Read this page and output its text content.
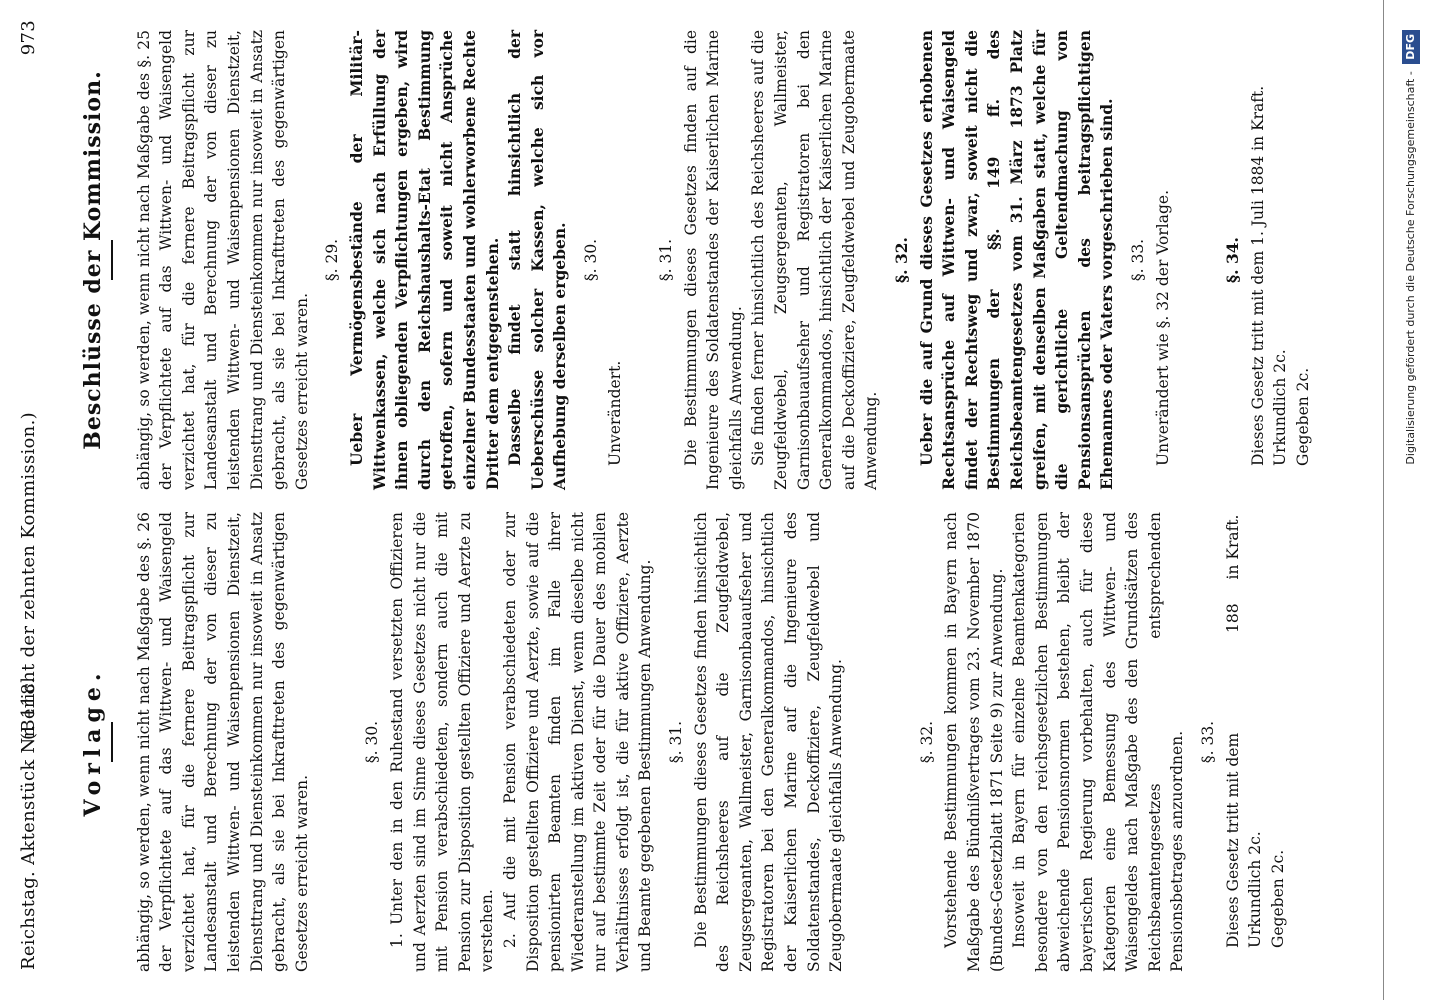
Reichstag. Aktenstück Nr. 118.
(Bericht der zehnten Kommission.)
973
Vorlage. abhängig, so werden, wenn nicht nach Maßgabe des §. 26 der Verpflichtete auf das Wittwen- und Waisengeld verzichtet hat, für die fernere Beitragspflicht zur Landesanstalt und Berechnung der von dieser zu leistenden Wittwen- und Waisenpensionen Dienstzeit, Diensttrang und Diensteinkommen nur insoweit in Ansatz gebracht, als sie bei Inkrafttreten des gegenwärtigen Gesetzes erreicht waren.

§. 30. 1. Unter den in den Ruhestand versetzten Offizieren und Aerzten sind im Sinne dieses Gesetzes nicht nur die mit Pension verabschiedeten, sondern auch die mit Pension zur Disposition gestellten Offiziere und Aerzte zu verstehen. 2. Auf die mit Pension verabschiedeten oder zur Disposition gestellten Offiziere und Aerzte, sowie auf die pensionirten Beamten finden im Falle ihrer Wiederanstellung im aktiven Dienst, wenn dieselbe nicht nur auf bestimmte Zeit oder für die Dauer des mobilen Verhältnisses erfolgt ist, die für aktive Offiziere, Aerzte und Beamte gegebenen Bestimmungen Anwendung. §. 31. Die Bestimmungen dieses Gesetzes finden hinsichtlich des Reichsheeres auf die Zeugfeldwebel, Zeugsergeanten, Wallmeister, Garnisonbauaufseher und Registratoren bei den Generalkommandos, hinsichtlich der Kaiserlichen Marine auf die Ingenieure des Soldatenstandes, Deckoffiziere, Zeugfeldwebel und Zeugobermaate gleichfalls Anwendung.	§. 32. Vorstehende Bestimmungen kommen in Bayern nach Maßgabe des Bündnißvertrages vom 23. November 1870 (Bundes-Gesetzblatt 1871 Seite 9) zur Anwendung. Insoweit in Bayern für einzelne Beamtenkategorien besondere von den reichsgesetzlichen Bestimmungen abweichende Pensionsnormen bestehen, bleibt der bayerischen Regierung vorbehalten, auch für diese Kategorien eine Bemessung des Wittwen- und Waisengeldes nach Maßgabe des den Grundsätzen des Reichsbeamtengesetzes entsprechenden Pensionsbetrages anzuordnen. §. 33. Dieses Gesetz tritt mit dem  188  in Kraft.

Urkundlich 2c. Gegeben 2c.

Beschlüsse der Kommission. abhängig, so werden, wenn nicht nach Maßgabe des §. 25 der Verpflichtete auf das Wittwen- und Waisengeld verzichtet hat, für die fernere Beitragspflicht zur Landesanstalt und Berechnung der von dieser zu leistenden Wittwen- und Waisenpensionen Dienstzeit, Diensttrang und Diensteinkommen nur insoweit in Ansatz gebracht, als sie bei Inkrafttreten des gegenwärtigen Gesetzes erreicht waren.

§. 29. Ueber Vermögensbestände der Militär-Wittwenkassen, welche sich nach Erfüllung der ihnen obliegenden Verpflichtungen ergeben, wird durch den Reichshaushalts-Etat Bestimmung getroffen, sofern und soweit nicht Ansprüche einzelner Bundesstaaten und wohlerworbene Rechte Dritter dem entgegenstehen. Dasselbe findet statt hinsichtlich der Ueberschüsse solcher Kassen, welche sich vor Aufhebung derselben ergeben. §. 30.

Unverändert.

§. 31. Die Bestimmungen dieses Gesetzes finden auf die Ingenieure des Soldatenstandes der Kaiserlichen Marine gleichfalls Anwendung. Sie finden ferner hinsichtlich des Reichsheeres auf die Zeugfeldwebel, Zeugsergeanten, Wallmeister, Garnisonbauaufseher und Registratoren bei den Generalkommandos, hinsichtlich der Kaiserlichen Marine auf die Deckoffiziere, Zeugfeldwebel und Zeugobermaate Anwendung.

§. 32. Ueber die auf Grund dieses Gesetzes erhobenen Rechtsansprüche auf Wittwen- und Waisengeld findet der Rechtsweg und zwar, soweit nicht die Bestimmungen der §§. 149 ff. des Reichsbeamtengesetzes vom 31. März 1873 Platz greifen, mit denselben Maßgaben statt, welche für die gerichtliche Geltendmachung von Pensionsansprüchen des beitragspflichtigen Ehemannes oder Vaters vorgeschrieben sind. §. 33. Unverändert wie §. 32 der Vorlage.	§. 34. Dieses Gesetz tritt mit dem 1. Juli 1884 in Kraft. Urkundlich 2c. Gegeben 2c.	Digitalisierung gefördert durch die Deutsche Forschungsgemeinschaft - DFG
